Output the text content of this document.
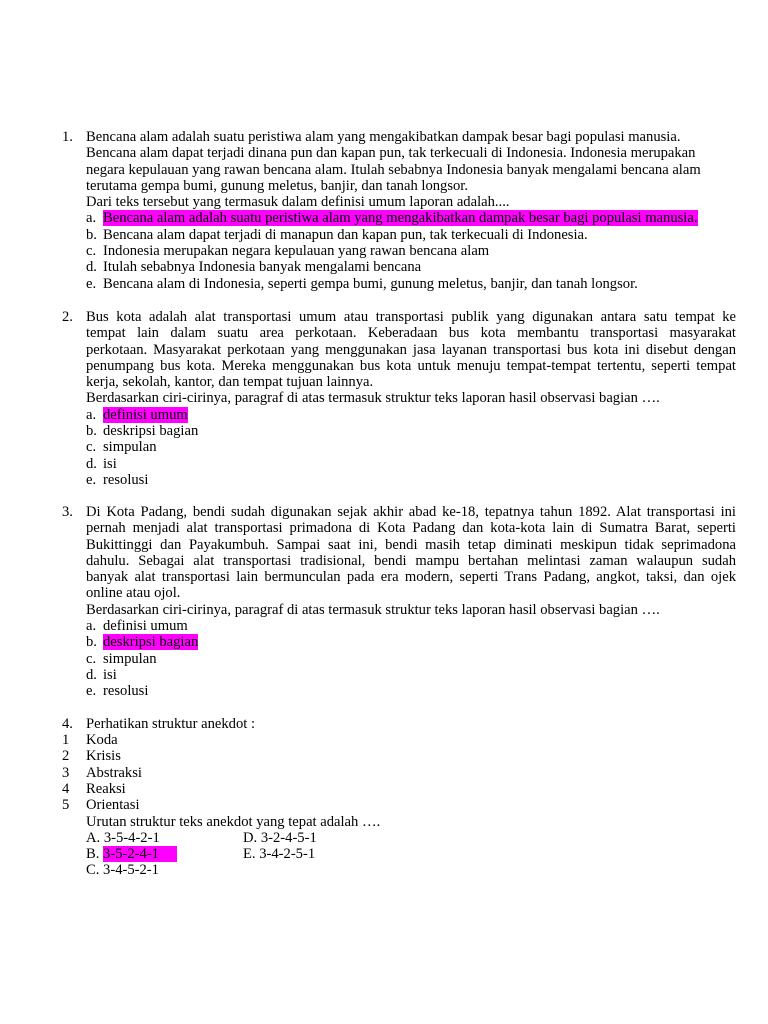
1. Bencana alam adalah suatu peristiwa alam yang mengakibatkan dampak besar bagi populasi manusia.
Bencana alam dapat terjadi dinana pun dan kapan pun, tak terkecuali di Indonesia. Indonesia merupakan
negara kepulauan yang rawan bencana alam. Itulah sebabnya Indonesia banyak mengalami bencana alam
terutama gempa bumi, gunung meletus, banjir, dan tanah longsor.
Dari teks tersebut yang termasuk dalam definisi umum laporan adalah....
a. Bencana alam adalah suatu peristiwa alam yang mengakibatkan dampak besar bagi populasi manusia.
b. Bencana alam dapat terjadi di manapun dan kapan pun, tak terkecuali di Indonesia.
c. Indonesia merupakan negara kepulauan yang rawan bencana alam
d. Itulah sebabnya Indonesia banyak mengalami bencana
e. Bencana alam di Indonesia, seperti gempa bumi, gunung meletus, banjir, dan tanah longsor.
2. Bus kota adalah alat transportasi umum atau transportasi publik yang digunakan antara satu tempat ke
tempat lain dalam suatu area perkotaan. Keberadaan bus kota membantu transportasi masyarakat
perkotaan. Masyarakat perkotaan yang menggunakan jasa layanan transportasi bus kota ini disebut dengan
penumpang bus kota. Mereka menggunakan bus kota untuk menuju tempat-tempat tertentu, seperti tempat
kerja, sekolah, kantor, dan tempat tujuan lainnya.
Berdasarkan ciri-cirinya, paragraf di atas termasuk struktur teks laporan hasil observasi bagian ….
a. definisi umum
b. deskripsi bagian
c. simpulan
d. isi
e. resolusi
3. Di Kota Padang, bendi sudah digunakan sejak akhir abad ke-18, tepatnya tahun 1892. Alat transportasi ini
pernah menjadi alat transportasi primadona di Kota Padang dan kota-kota lain di Sumatra Barat, seperti
Bukittinggi dan Payakumbuh. Sampai saat ini, bendi masih tetap diminati meskipun tidak seprimadona
dahulu. Sebagai alat transportasi tradisional, bendi mampu bertahan melintasi zaman walaupun sudah
banyak alat transportasi lain bermunculan pada era modern, seperti Trans Padang, angkot, taksi, dan ojek
online atau ojol.
Berdasarkan ciri-cirinya, paragraf di atas termasuk struktur teks laporan hasil observasi bagian ….
a. definisi umum
b. deskripsi bagian
c. simpulan
d. isi
e. resolusi
4. Perhatikan struktur anekdot :
1 Koda
2 Krisis
3 Abstraksi
4 Reaksi
5 Orientasi
Urutan struktur teks anekdot yang tepat adalah ….
A. 3-5-4-2-1
B. 3-5-2-4-1
C. 3-4-5-2-1
D. 3-2-4-5-1
E. 3-4-2-5-1
